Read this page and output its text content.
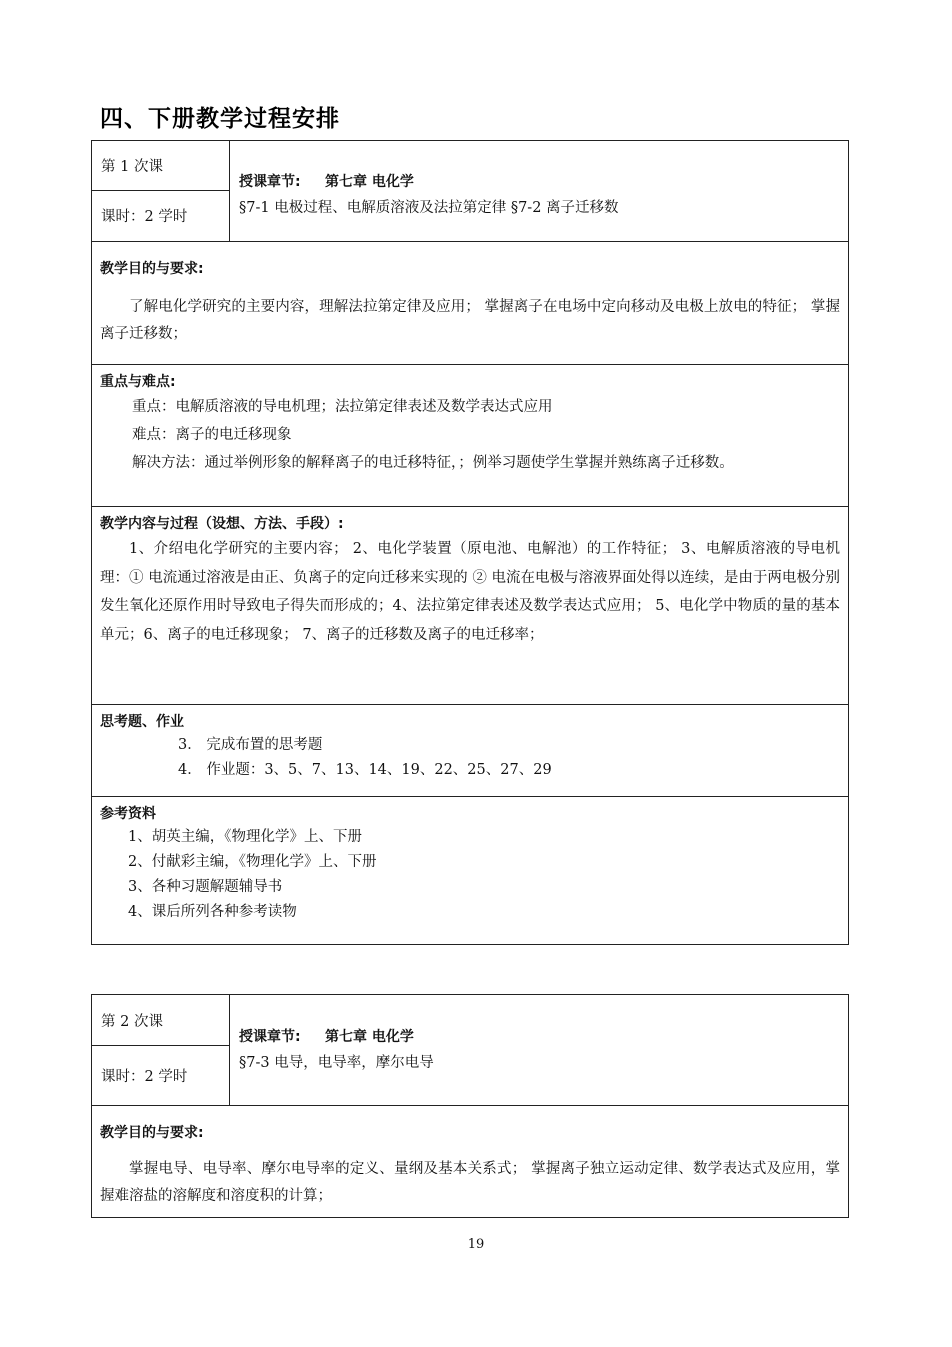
四、下册教学过程安排
第 1 次课
课时：2 学时
授课章节: 第七章 电化学
§7-1 电极过程、电解质溶液及法拉第定律 §7-2 离子迁移数
教学目的与要求:

了解电化学研究的主要内容，理解法拉第定律及应用； 掌握离子在电场中定向移动及电极上放电的特征； 掌握离子迁移数；

重点与难点:
重点：电解质溶液的导电机理；法拉第定律表述及数学表达式应用
难点：离子的电迁移现象
解决方法：通过举例形象的解释离子的电迁移特征，；例举习题使学生掌握并熟练离子迁移数。
教学内容与过程（设想、方法、手段）:

1、介绍电化学研究的主要内容； 2、电化学装置（原电池、电解池）的工作特征； 3、电解质溶液的导电机理：① 电流通过溶液是由正、负离子的定向迁移来实现的 ② 电流在电极与溶液界面处得以连续，是由于两电极分别发生氧化还原作用时导致电子得失而形成的；4、法拉第定律表述及数学表达式应用； 5、电化学中物质的量的基本单元；6、离子的电迁移现象； 7、离子的迁移数及离子的电迁移率；

思考题、作业
3． 完成布置的思考题
4． 作业题：3、5、7、13、14、19、22、25、27、29
参考资料
1、胡英主编，《物理化学》上、下册
2、付献彩主编，《物理化学》上、下册
3、各种习题解题辅导书
4、课后所列各种参考读物
第 2 次课
课时：2 学时
授课章节: 第七章 电化学
§7-3 电导，电导率，摩尔电导
教学目的与要求:

掌握电导、电导率、摩尔电导率的定义、量纲及基本关系式； 掌握离子独立运动定律、数学表达式及应用，掌握难溶盐的溶解度和溶度积的计算；

19
